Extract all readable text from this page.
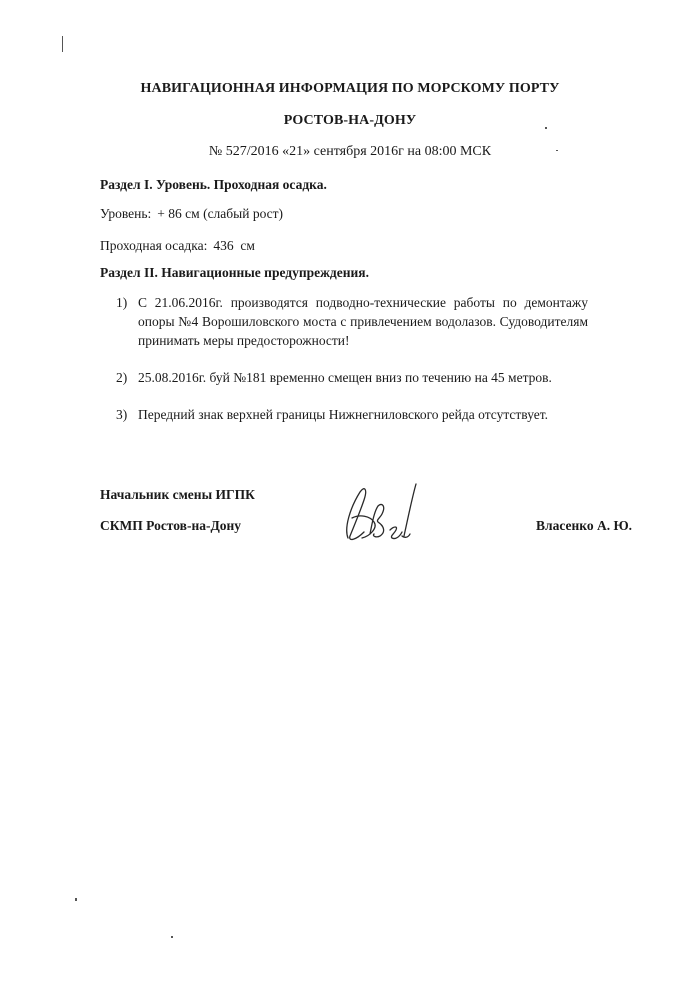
НАВИГАЦИОННАЯ ИНФОРМАЦИЯ ПО МОРСКОМУ ПОРТУ
РОСТОВ-НА-ДОНУ
№ 527/2016 «21» сентября 2016г на 08:00 МСК
Раздел I. Уровень. Проходная осадка.
Уровень: + 86 см (слабый рост)
Проходная осадка: 436  см
Раздел II. Навигационные предупреждения.
1) С 21.06.2016г. производятся подводно-технические работы по демонтажу опоры №4 Ворошиловского моста с привлечением водолазов. Судоводителям принимать меры предосторожности!
2) 25.08.2016г. буй №181 временно смещен вниз по течению на 45 метров.
3) Передний знак верхней границы Нижнегниловского рейда отсутствует.
Начальник смены ИГПК
СКМП Ростов-на-Дону	Власенко А. Ю.
